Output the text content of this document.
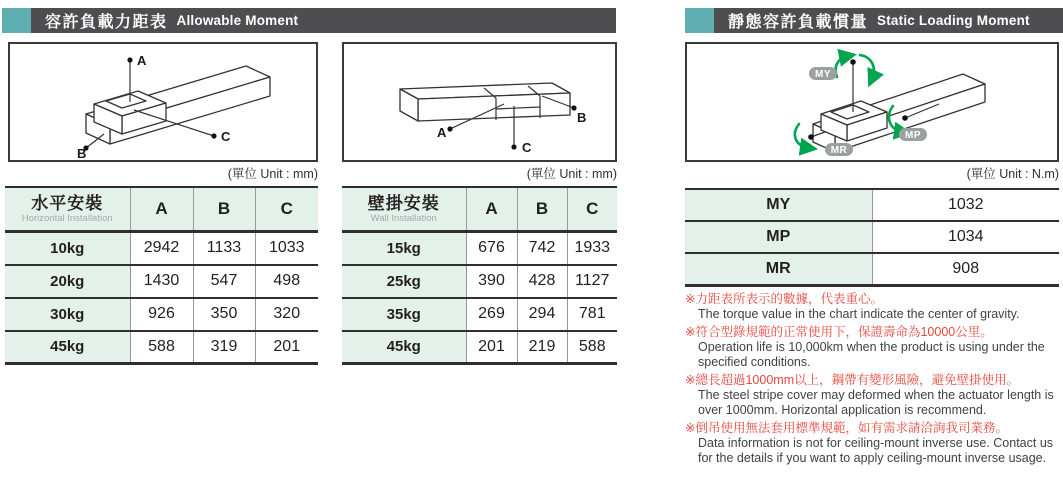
容許負載力距表 Allowable Moment
A
C
B
(單位 Unit : mm)
水平安裝
Horizontal Installation	A	B	C
10kg	2942	1133	1033
20kg	1430	547	498
30kg	926	350	320
45kg	588	319	201
A
C
B
(單位 Unit : mm)
壁掛安裝
Wall Installation	A	B	C
15kg	676	742	1933
25kg	390	428	1127
35kg	269	294	781
45kg	201	219	588
靜態容許負載慣量 Static Loading Moment
MY
MP
MR
(單位 Unit : N.m)
MY	1032
MP	1034
MR	908
※力距表所表示的數據，代表重心。
The torque value in the chart indicate the center of gravity.
※符合型錄規範的正常使用下，保證壽命為10000公里。
Operation life is 10,000km when the product is using under the specified conditions.
※總長超過1000mm以上，鋼帶有變形風險，避免壁掛使用。
The steel stripe cover may deformed when the actuator length is over 1000mm. Horizontal application is recommend.
※倒吊使用無法套用標準規範，如有需求請洽詢我司業務。
Data information is not for ceiling-mount inverse use. Contact us for the details if you want to apply ceiling-mount inverse usage.
